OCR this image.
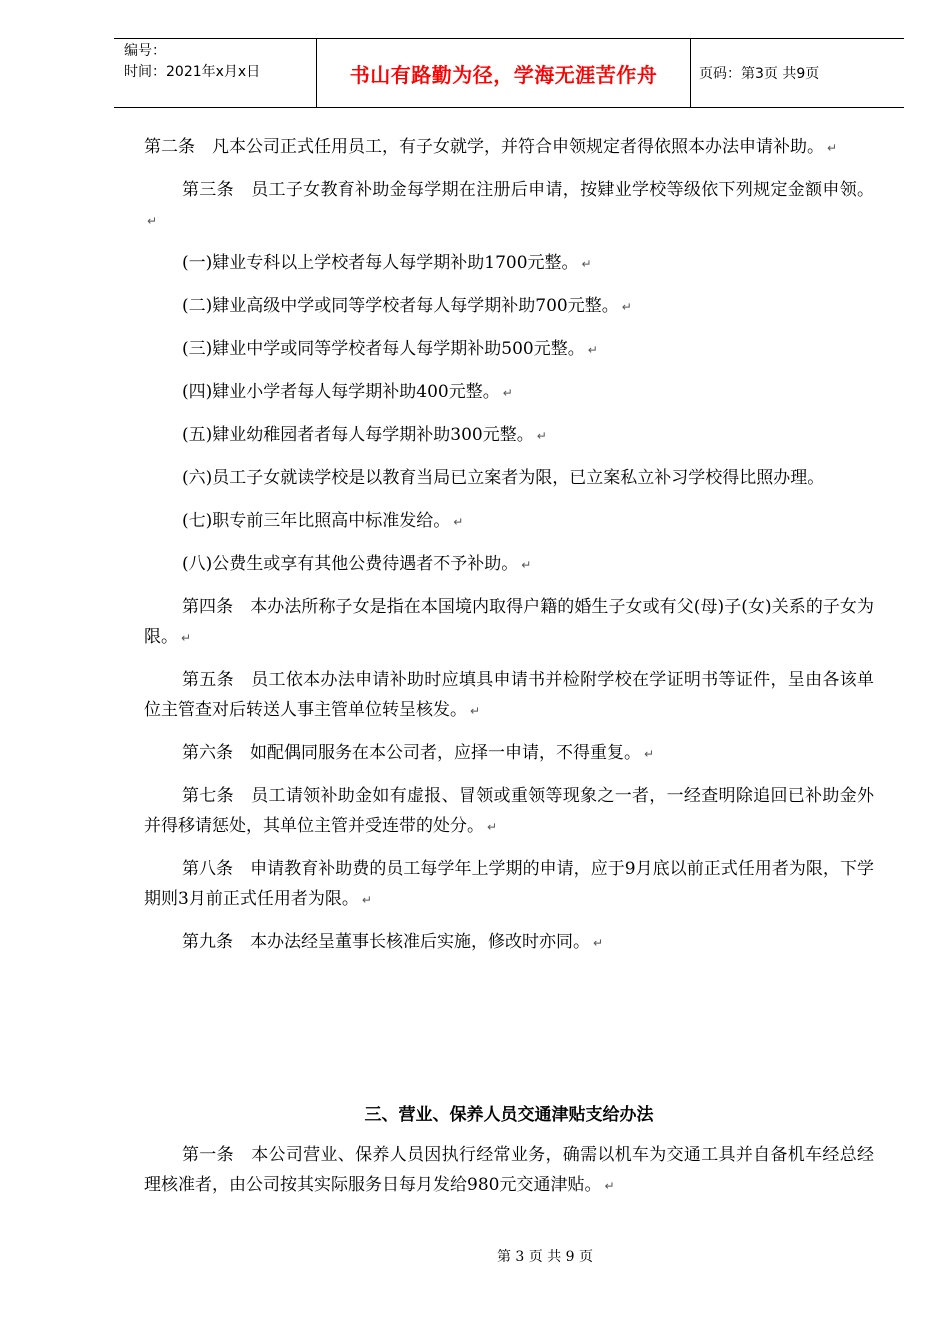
编号：
时间：2021年x月x日	书山有路勤为径，学海无涯苦作舟	页码：第3页 共9页

第二条　凡本公司正式任用员工，有子女就学，并符合申领规定者得依照本办法申请补助。 ↵

第三条　员工子女教育补助金每学期在注册后申请，按肄业学校等级依下列规定金额申领。↵

(一)肄业专科以上学校者每人每学期补助1700元整。 ↵

(二)肄业高级中学或同等学校者每人每学期补助700元整。 ↵

(三)肄业中学或同等学校者每人每学期补助500元整。 ↵

(四)肄业小学者每人每学期补助400元整。 ↵

(五)肄业幼稚园者者每人每学期补助300元整。 ↵

(六)员工子女就读学校是以教育当局已立案者为限，已立案私立补习学校得比照办理。

(七)职专前三年比照高中标准发给。 ↵

(八)公费生或享有其他公费待遇者不予补助。 ↵

第四条　本办法所称子女是指在本国境内取得户籍的婚生子女或有父(母)子(女)关系的子女为限。 ↵

第五条　员工依本办法申请补助时应填具申请书并检附学校在学证明书等证件，呈由各该单位主管查对后转送人事主管单位转呈核发。 ↵

第六条　如配偶同服务在本公司者，应择一申请，不得重复。 ↵

第七条　员工请领补助金如有虚报、冒领或重领等现象之一者，一经查明除追回已补助金外并得移请惩处，其单位主管并受连带的处分。 ↵

第八条　申请教育补助费的员工每学年上学期的申请，应于9月底以前正式任用者为限，下学期则3月前正式任用者为限。 ↵

第九条　本办法经呈董事长核准后实施，修改时亦同。 ↵

三、营业、保养人员交通津贴支给办法

第一条　本公司营业、保养人员因执行经常业务，确需以机车为交通工具并自备机车经总经理核准者，由公司按其实际服务日每月发给980元交通津贴。 ↵

第 3 页 共 9 页
